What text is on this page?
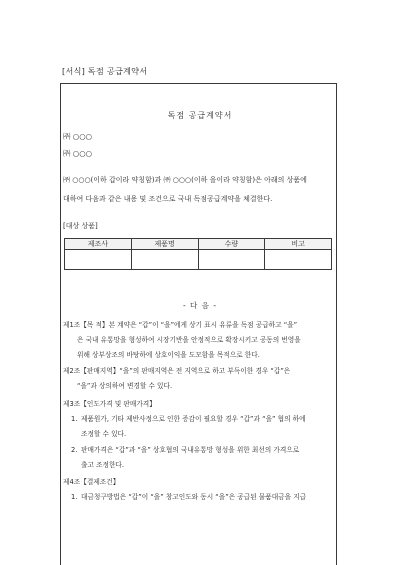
[서식] 독점 공급계약서
독점 공급계약서
㈜ ○○○
㈜ ○○○
㈜ ○○○(이하 갑이라 약칭함)과 ㈜ ○○○(이하 을이라 약칭함)은 아래의 상품에
대하여 다음과 같은 내용 및 조건으로 국내 독점공급계약을 체결한다.
[대상 상품]
제조사	제품명	수량	비고

- 다 음 -
제1조【목 적】본 계약은 “갑”이 “을”에게 상기 표시 유류을 독점 공급하고 “을”
은 국내 유통망을 형성하여 시장기반을 안정적으로 확장시키고 공동의 번영을
위해 상부상조의 바탕하에 상호이익을 도모함을 목적으로 한다.
제2조【판매지역】“을”의 판매지역은 전 지역으로 하고 부득이한 경우 “갑”은
“을”과 상의하여 변경할 수 있다.
제3조【인도가격 및 판매가격】
1. 제품원가, 기타 제반사정으로 인한 증감이 필요할 경우 “갑”과 “을” 협의 하에
조정할 수 있다.
2. 판매가격은 “갑”과 “을” 상호협의 국내유통망 형성을 위한 최선의 가격으로
출고 조정한다.
제4조【결제조건】
1. 대금청구방법은 “갑”이 “을” 창고인도와 동시 “을”은 공급된 물품대금을 지급
